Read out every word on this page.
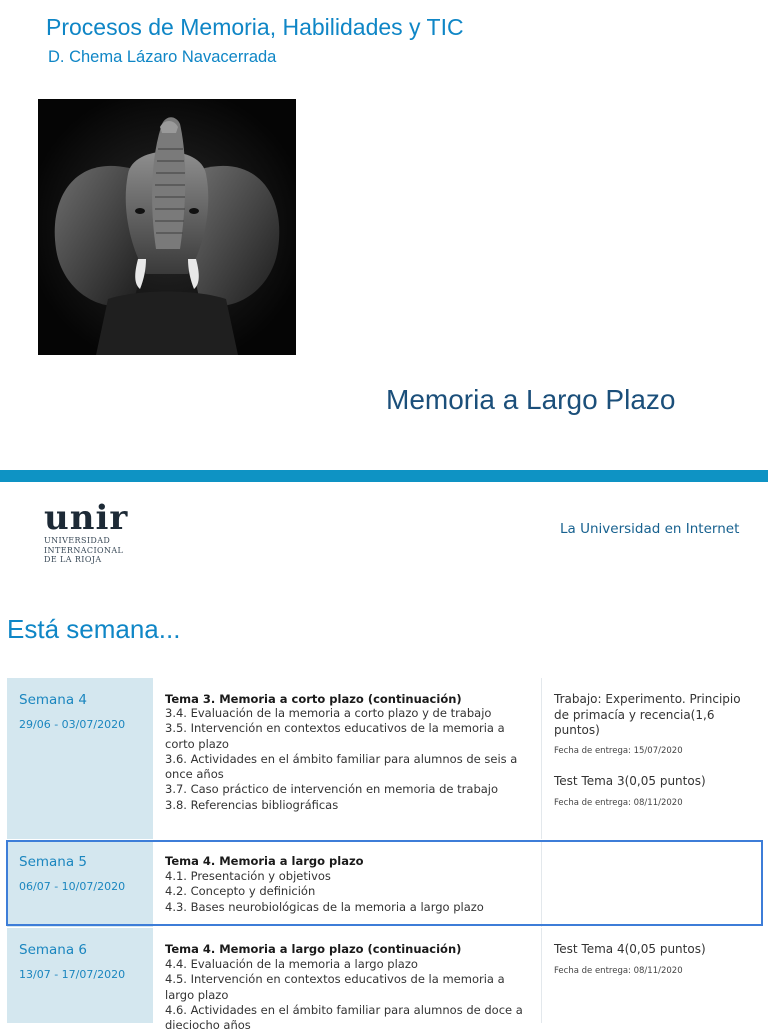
Procesos de Memoria, Habilidades y TIC
D. Chema Lázaro Navacerrada
Memoria a Largo Plazo
unir
UNIVERSIDAD
INTERNACIONAL
DE LA RIOJA
La Universidad en Internet
Está semana...
Semana 4
29/06 - 03/07/2020
Tema 3. Memoria a corto plazo (continuación)
3.4. Evaluación de la memoria a corto plazo y de trabajo
3.5. Intervención en contextos educativos de la memoria a corto plazo
3.6. Actividades en el ámbito familiar para alumnos de seis a once años
3.7. Caso práctico de intervención en memoria de trabajo
3.8. Referencias bibliográficas
Trabajo: Experimento. Principio de primacía y recencia(1,6 puntos)
Fecha de entrega: 15/07/2020
Test Tema 3(0,05 puntos)
Fecha de entrega: 08/11/2020
Semana 5
06/07 - 10/07/2020
Tema 4. Memoria a largo plazo
4.1. Presentación y objetivos
4.2. Concepto y definición
4.3. Bases neurobiológicas de la memoria a largo plazo
Semana 6
13/07 - 17/07/2020
Tema 4. Memoria a largo plazo (continuación)
4.4. Evaluación de la memoria a largo plazo
4.5. Intervención en contextos educativos de la memoria a largo plazo
4.6. Actividades en el ámbito familiar para alumnos de doce a dieciocho años
Test Tema 4(0,05 puntos)
Fecha de entrega: 08/11/2020
